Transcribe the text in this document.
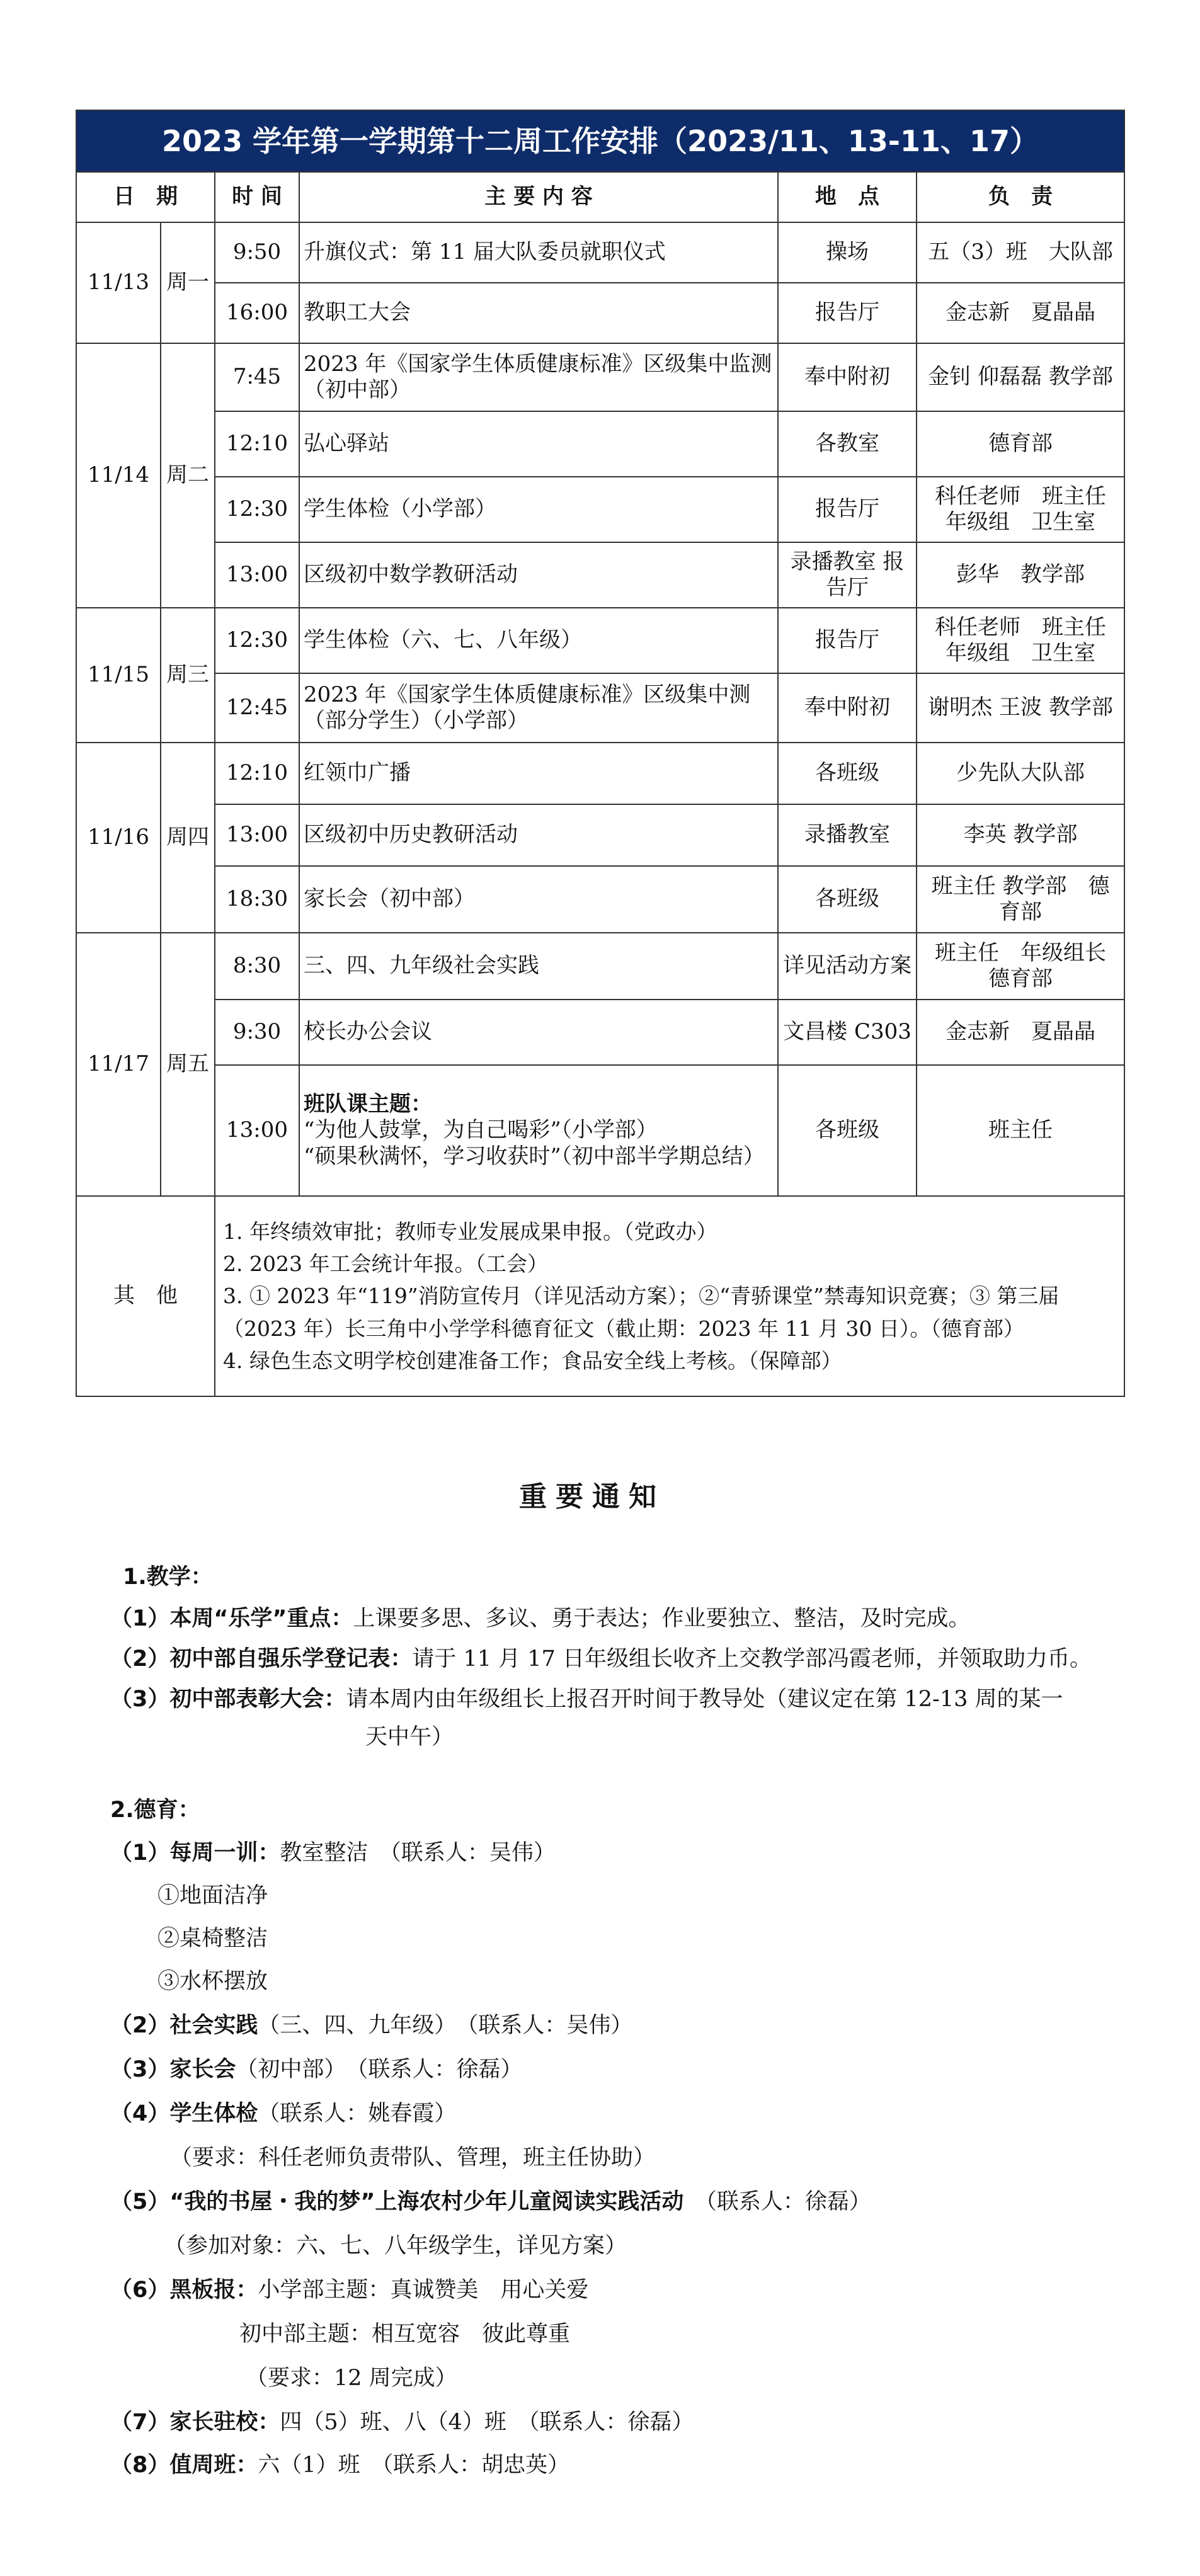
2023 学年第一学期第十二周工作安排（2023/11、13-11、17）					
日　期		时 间	主 要 内 容	地　点	负　责
11/13	周一	9:50	升旗仪式：第 11 届大队委员就职仪式	操场	五（3）班　大队部
		16:00	教职工大会	报告厅	金志新　夏晶晶
11/14	周二	7:45	2023 年《国家学生体质健康标准》区级集中监测（初中部）	奉中附初	金钊 仰磊磊 教学部
		12:10	弘心驿站	各教室	德育部
		12:30	学生体检（小学部）	报告厅	科任老师　班主任 年级组　卫生室
		13:00	区级初中数学教研活动	录播教室 报告厅	彭华　教学部
11/15	周三	12:30	学生体检（六、七、八年级）	报告厅	科任老师　班主任 年级组　卫生室
		12:45	2023 年《国家学生体质健康标准》区级集中测（部分学生）（小学部）	奉中附初	谢明杰 王波 教学部
11/16	周四	12:10	红领巾广播	各班级	少先队大队部
		13:00	区级初中历史教研活动	录播教室	李英 教学部
		18:30	家长会（初中部）	各班级	班主任 教学部　德育部
11/17	周五	8:30	三、四、九年级社会实践	详见活动方案	班主任　年级组长 德育部
		9:30	校长办公会议	文昌楼 C303	金志新　夏晶晶
		13:00	班队课主题：
“为他人鼓掌，为自己喝彩”（小学部）
“硕果秋满怀，学习收获时”（初中部半学期总结）	各班级	班主任
其　他		1. 年终绩效审批；教师专业发展成果申报。（党政办）
2. 2023 年工会统计年报。（工会）
3. ① 2023 年“119”消防宣传月（详见活动方案）；②“青骄课堂”禁毒知识竞赛；③ 第三届（2023 年）长三角中小学学科德育征文（截止期：2023 年 11 月 30 日）。（德育部）
4. 绿色生态文明学校创建准备工作；食品安全线上考核。（保障部）			
重要通知
1.教学：
（1）本周“乐学”重点：上课要多思、多议、勇于表达；作业要独立、整洁，及时完成。
（2）初中部自强乐学登记表：请于 11 月 17 日年级组长收齐上交教学部冯霞老师，并领取助力币。
（3）初中部表彰大会：请本周内由年级组长上报召开时间于教导处（建议定在第 12-13 周的某一
天中午）
2.德育：
（1）每周一训：教室整洁　（联系人：吴伟）
①地面洁净
②桌椅整洁
③水杯摆放
（2）社会实践（三、四、九年级）　（联系人：吴伟）
（3）家长会（初中部）　（联系人：徐磊）
（4）学生体检（联系人：姚春霞）
（要求：科任老师负责带队、管理，班主任协助）
（5）“我的书屋・我的梦”上海农村少年儿童阅读实践活动　（联系人：徐磊）
（参加对象：六、七、八年级学生，详见方案）
（6）黑板报：小学部主题：真诚赞美　用心关爱
初中部主题：相互宽容　彼此尊重
（要求：12 周完成）
（7）家长驻校：四（5）班、八（4）班　（联系人：徐磊）
（8）值周班：六（1）班　（联系人：胡忠英）
